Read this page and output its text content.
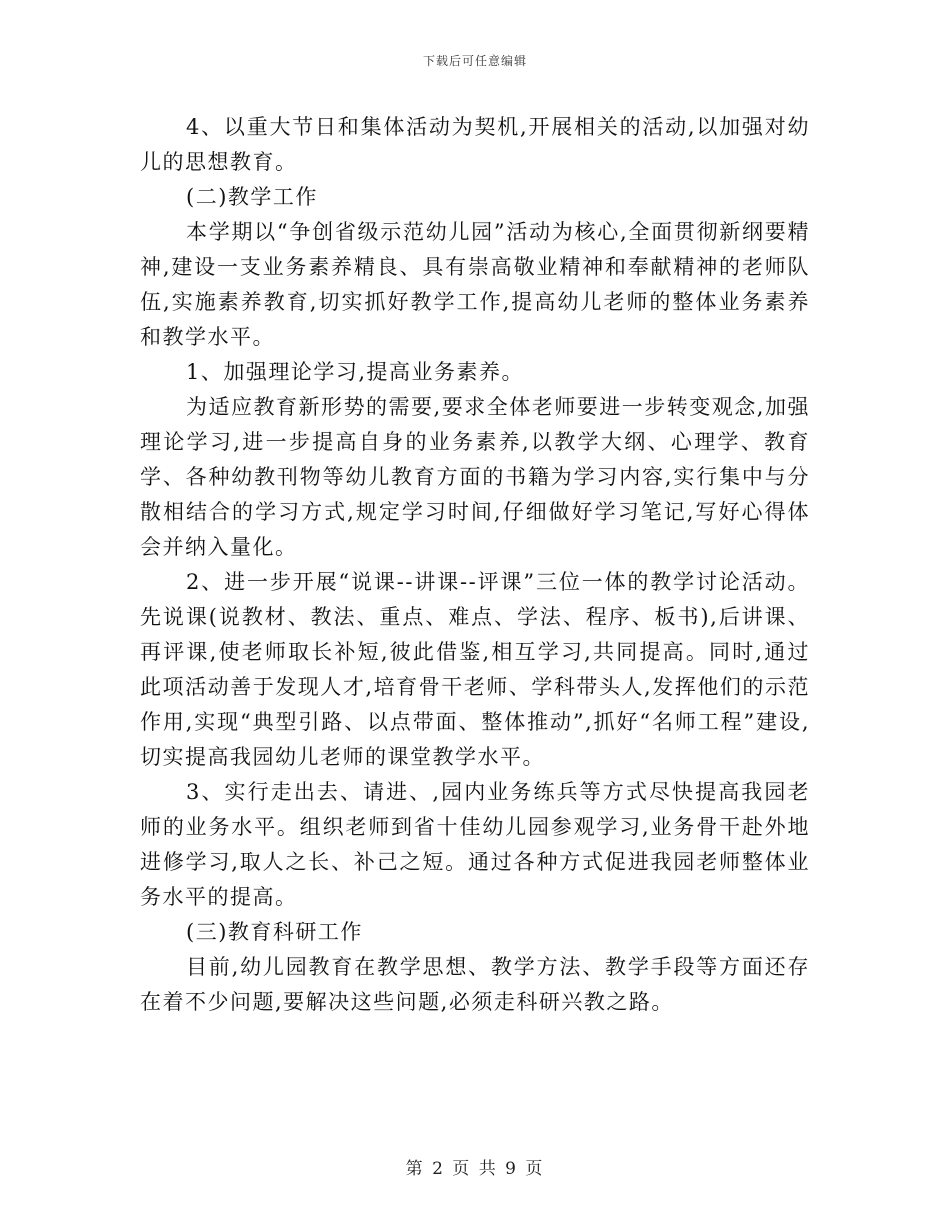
下载后可任意编辑

4、以重大节日和集体活动为契机,开展相关的活动,以加强对幼儿的思想教育。

(二)教学工作

本学期以“争创省级示范幼儿园”活动为核心,全面贯彻新纲要精神,建设一支业务素养精良、具有崇高敬业精神和奉献精神的老师队伍,实施素养教育,切实抓好教学工作,提高幼儿老师的整体业务素养和教学水平。

1、加强理论学习,提高业务素养。

为适应教育新形势的需要,要求全体老师要进一步转变观念,加强理论学习,进一步提高自身的业务素养,以教学大纲、心理学、教育学、各种幼教刊物等幼儿教育方面的书籍为学习内容,实行集中与分散相结合的学习方式,规定学习时间,仔细做好学习笔记,写好心得体会并纳入量化。

2、进一步开展“说课--讲课--评课”三位一体的教学讨论活动。先说课(说教材、教法、重点、难点、学法、程序、板书),后讲课、再评课,使老师取长补短,彼此借鉴,相互学习,共同提高。同时,通过此项活动善于发现人才,培育骨干老师、学科带头人,发挥他们的示范作用,实现“典型引路、以点带面、整体推动”,抓好“名师工程”建设,切实提高我园幼儿老师的课堂教学水平。

3、实行走出去、请进、,园内业务练兵等方式尽快提高我园老师的业务水平。组织老师到省十佳幼儿园参观学习,业务骨干赴外地进修学习,取人之长、补己之短。通过各种方式促进我园老师整体业务水平的提高。

(三)教育科研工作

目前,幼儿园教育在教学思想、教学方法、教学手段等方面还存在着不少问题,要解决这些问题,必须走科研兴教之路。

第 2 页 共 9 页
